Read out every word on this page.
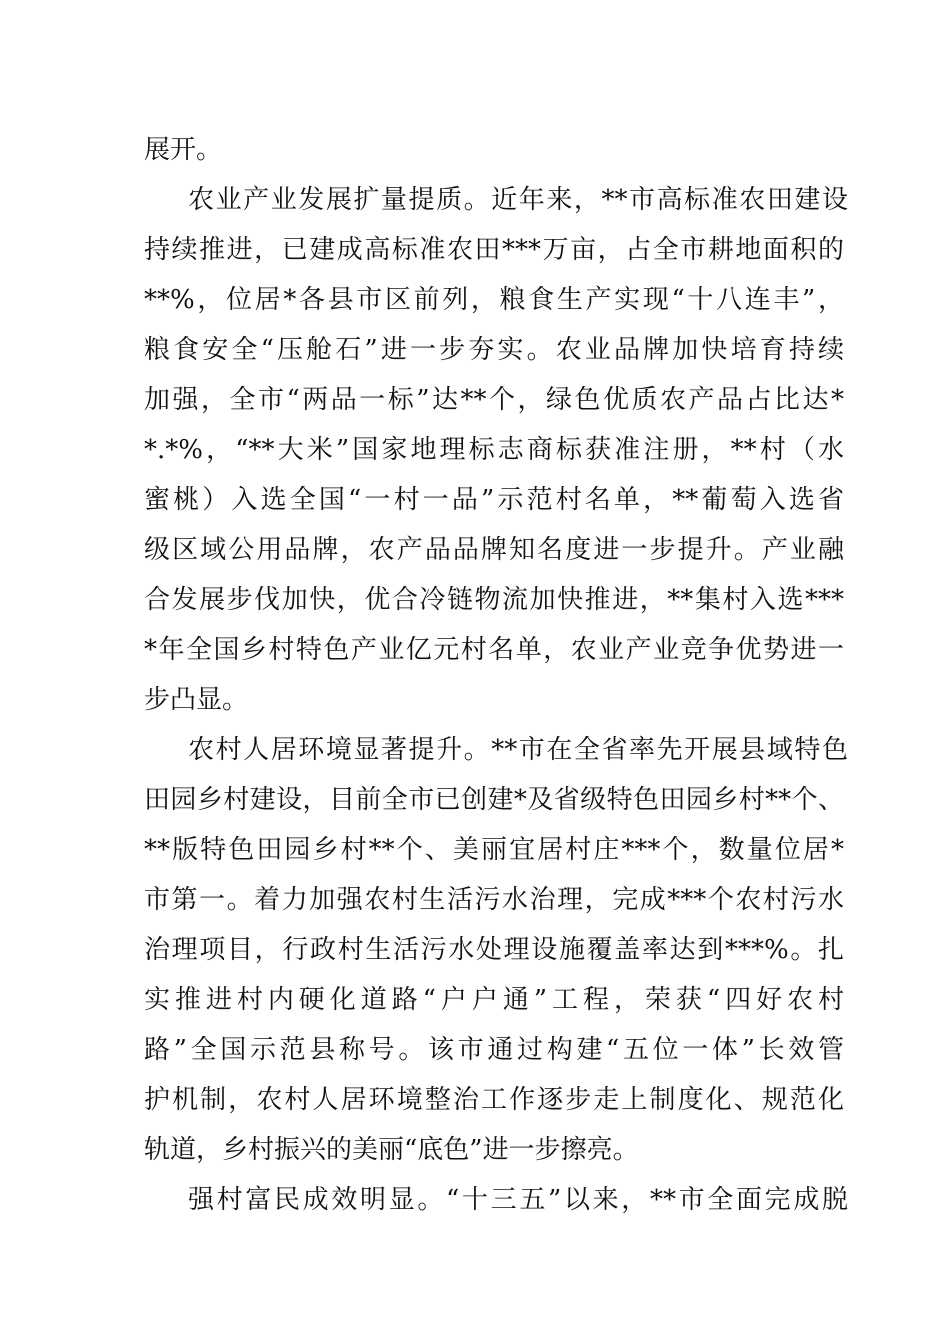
展开。
农业产业发展扩量提质。近年来，**市高标准农田建设
持续推进，已建成高标准农田***万亩，占全市耕地面积的
**%，位居*各县市区前列，粮食生产实现“十八连丰”，
粮食安全“压舱石”进一步夯实。农业品牌加快培育持续
加强，全市“两品一标”达**个，绿色优质农产品占比达*
*.*%，“**大米”国家地理标志商标获准注册，**村（水
蜜桃）入选全国“一村一品”示范村名单，**葡萄入选省
级区域公用品牌，农产品品牌知名度进一步提升。产业融
合发展步伐加快，优合冷链物流加快推进，**集村入选***
*年全国乡村特色产业亿元村名单，农业产业竞争优势进一
步凸显。
农村人居环境显著提升。**市在全省率先开展县域特色
田园乡村建设，目前全市已创建*及省级特色田园乡村**个、
**版特色田园乡村**个、美丽宜居村庄***个，数量位居*
市第一。着力加强农村生活污水治理，完成***个农村污水
治理项目，行政村生活污水处理设施覆盖率达到***%。扎
实推进村内硬化道路“户户通”工程，荣获“四好农村
路”全国示范县称号。该市通过构建“五位一体”长效管
护机制，农村人居环境整治工作逐步走上制度化、规范化
轨道，乡村振兴的美丽“底色”进一步擦亮。
强村富民成效明显。“十三五”以来，**市全面完成脱
